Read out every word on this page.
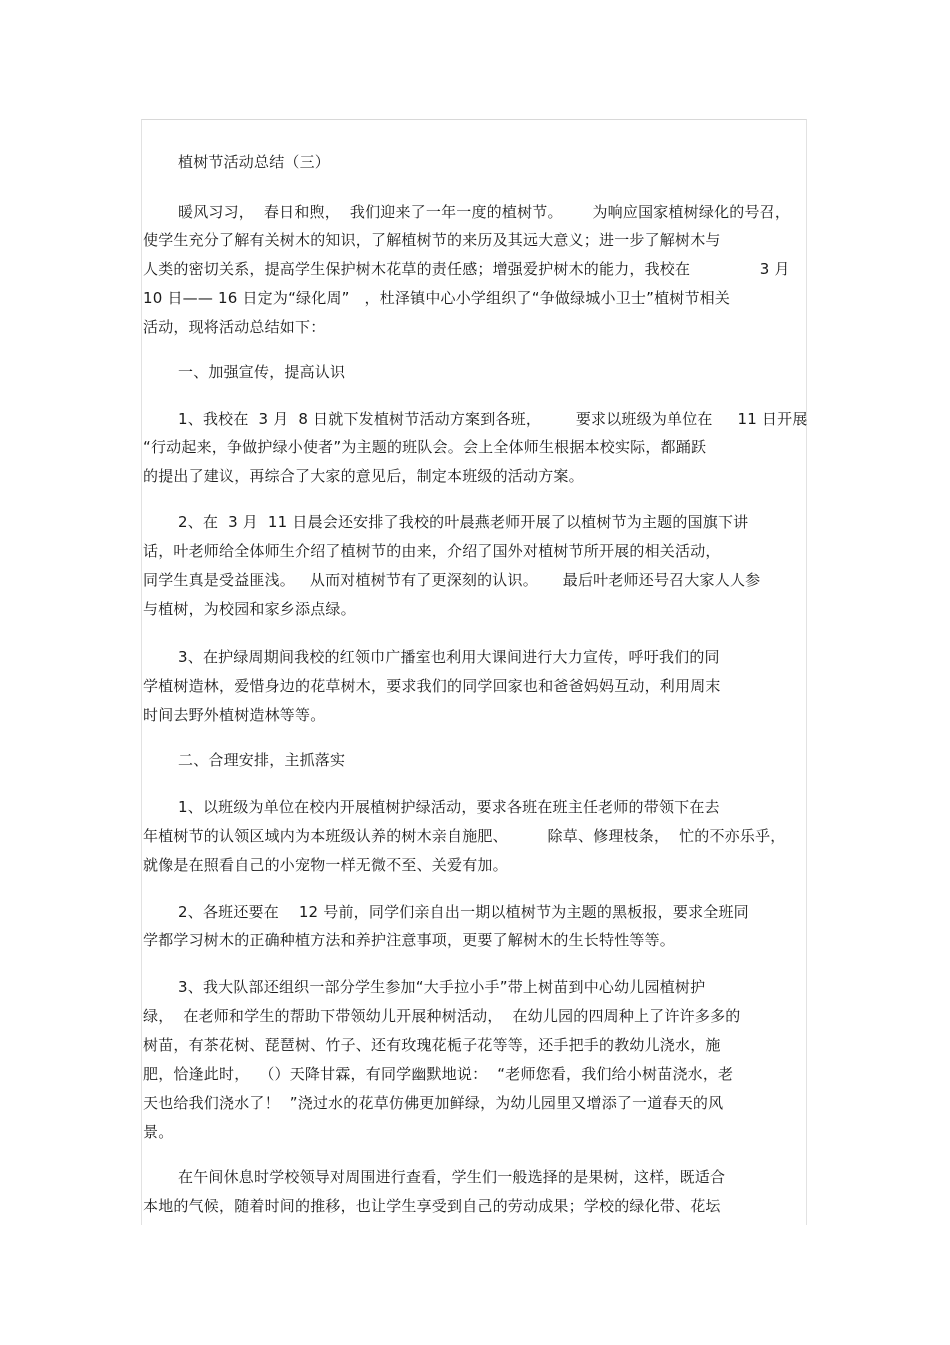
植树节活动总结（三）
暖风习习，  春日和煦，  我们迎来了一年一度的植树节。      为响应国家植树绿化的号召，
使学生充分了解有关树木的知识，了解植树节的来历及其远大意义；进一步了解树木与
人类的密切关系，提高学生保护树木花草的责任感；增强爱护树木的能力，我校在              3 月
10 日—— 16 日定为“绿化周”   ，杜泽镇中心小学组织了“争做绿城小卫士”植树节相关
活动，现将活动总结如下：
一、加强宣传，提高认识
1、我校在  3 月  8 日就下发植树节活动方案到各班，       要求以班级为单位在     11 日开展
“行动起来，争做护绿小使者”为主题的班队会。会上全体师生根据本校实际，都踊跃
的提出了建议，再综合了大家的意见后，制定本班级的活动方案。
2、在  3 月  11 日晨会还安排了我校的叶晨燕老师开展了以植树节为主题的国旗下讲
话，叶老师给全体师生介绍了植树节的由来，介绍了国外对植树节所开展的相关活动，
同学生真是受益匪浅。   从而对植树节有了更深刻的认识。     最后叶老师还号召大家人人参
与植树，为校园和家乡添点绿。
3、在护绿周期间我校的红领巾广播室也利用大课间进行大力宣传，呼吁我们的同
学植树造林，爱惜身边的花草树木，要求我们的同学回家也和爸爸妈妈互动，利用周末
时间去野外植树造林等等。
二、合理安排，主抓落实
1、以班级为单位在校内开展植树护绿活动，要求各班在班主任老师的带领下在去
年植树节的认领区域内为本班级认养的树木亲自施肥、        除草、修理枝条，  忙的不亦乐乎，
就像是在照看自己的小宠物一样无微不至、关爱有加。
2、各班还要在    12 号前，同学们亲自出一期以植树节为主题的黑板报，要求全班同
学都学习树木的正确种植方法和养护注意事项，更要了解树木的生长特性等等。
3、我大队部还组织一部分学生参加“大手拉小手”带上树苗到中心幼儿园植树护
绿，  在老师和学生的帮助下带领幼儿开展种树活动，  在幼儿园的四周种上了许许多多的
树苗，有茶花树、琵琶树、竹子、还有玫瑰花栀子花等等，还手把手的教幼儿浇水，施
肥，恰逢此时，  （）天降甘霖，有同学幽默地说：  “老师您看，我们给小树苗浇水，老
天也给我们浇水了！  ”浇过水的花草仿佛更加鲜绿，为幼儿园里又增添了一道春天的风
景。
在午间休息时学校领导对周围进行查看，学生们一般选择的是果树，这样，既适合
本地的气候，随着时间的推移，也让学生享受到自己的劳动成果；学校的绿化带、花坛
